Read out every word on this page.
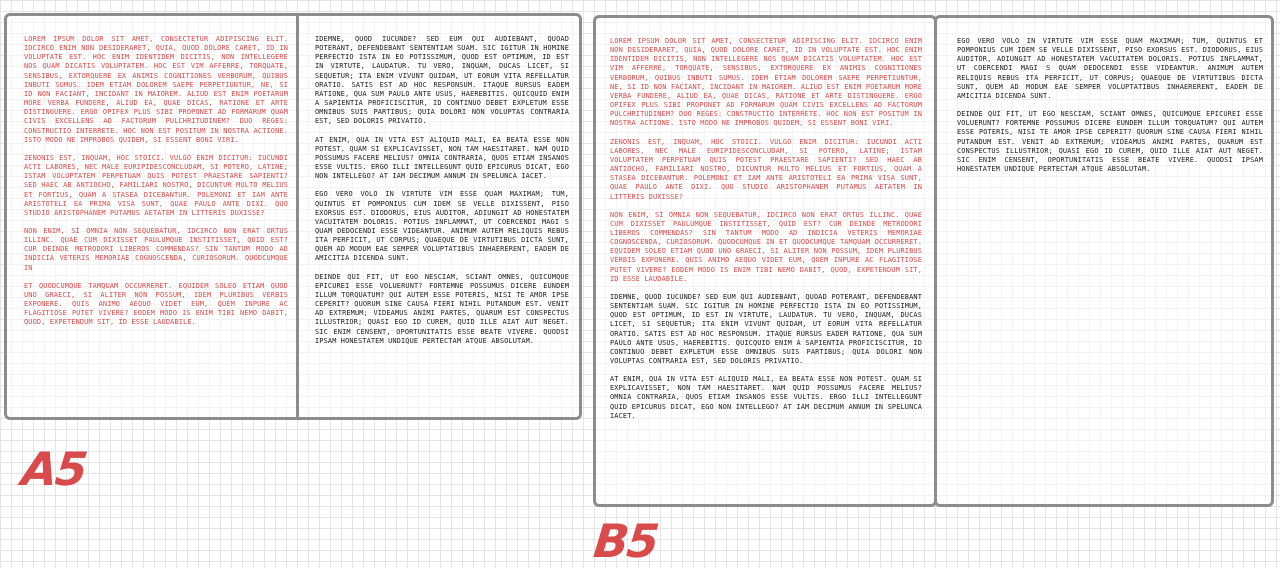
LOREM IPSUM DOLOR SIT AMET, CONSECTETUR ADIPISCING ELIT. IDCIRCO ENIM NON DESIDERARET, QUIA, QUOD DOLORE CARET, ID IN VOLUPTATE EST. HOC ENIM IDENTIDEM DICITIS, NON INTELLEGERE NOS QUAM DICATIS VOLUPTATEM. HOC EST VIM AFFERRE, TORQUATE, SENSIBUS, EXTORQUERE EX ANIMIS COGNITIONES VERBORUM, QUIBUS INBUTI SUMUS. IDEM ETIAM DOLOREM SAEPE PERPETIUNTUR, NE, SI ID NON FACIANT, INCIDANT IN MAIOREM. ALIUD EST ENIM POETARUM MORE VERBA FUNDERE, ALIUD EA, QUAE DICAS, RATIONE ET ARTE DISTINGUERE. ERGO OPIFEX PLUS SIBI PROPONET AD FORMARUM QUAM CIVIS EXCELLENS AD FACTORUM PULCHRITUDINEM? DUO REGES: CONSTRUCTIO INTERRETE. HOC NON EST POSITUM IN NOSTRA ACTIONE. ISTO MODO NE IMPROBOS QUIDEM, SI ESSENT BONI VIRI.

ZENONIS EST, INQUAM, HOC STOICI. VULGO ENIM DICITUR: IUCUNDI ACTI LABORES, NEC MALE EURIPIDESCONCLUDAM, SI POTERO, LATINE; ISTAM VOLUPTATEM PERPETUAM QUIS POTEST PRAESTARE SAPIENTI? SED HAEC AB ANTIOCHO, FAMILIARI NOSTRO, DICUNTUR MULTO MELIUS ET FORTIUS, QUAM A STASEA DICEBANTUR. POLEMONI ET IAM ANTE ARISTOTELI EA PRIMA VISA SUNT, QUAE PAULO ANTE DIXI. QUO STUDIO ARISTOPHANEM PUTAMUS AETATEM IN LITTERIS DUXISSE?

NON ENIM, SI OMNIA NON SEQUEBATUR, IDCIRCO NON ERAT ORTUS ILLINC. QUAE CUM DIXISSET PAULUMQUE INSTITISSET, QUID EST? CUR DEINDE METRODORI LIBEROS COMMENDAS? SIN TANTUM MODO AD INDICIA VETERIS MEMORIAE COGNOSCENDA, CURIOSORUM. QUODCUMQUE IN

ET QUODCUMQUE TAMQUAM OCCURRERET. EQUIDEM SOLEO ETIAM QUOD UNO GRAECI, SI ALITER NON POSSUM, IDEM PLURIBUS VERBIS EXPONERE. QUIS ANIMO AEQUO VIDET EUM, QUEM INPURE AC FLAGITIOSE PUTET VIVERE? EODEM MODO IS ENIM TIBI NEMO DABIT, QUOD, EXPETENDUM SIT, ID ESSE LAUDABILE.

IDEMNE, QUOD IUCUNDE? SED EUM QUI AUDIEBANT, QUOAD POTERANT, DEFENDEBANT SENTENTIAM SUAM. SIC IGITUR IN HOMINE PERFECTIO ISTA IN EO POTISSIMUM, QUOD EST OPTIMUM, ID EST IN VIRTUTE, LAUDATUR. TU VERO, INQUAM, DUCAS LICET, SI SEQUETUR; ITA ENIM VIVUNT QUIDAM, UT EORUM VITA REFELLATUR ORATIO. SATIS EST AD HOC RESPONSUM. ITAQUE RURSUS EADEM RATIONE, QUA SUM PAULO ANTE USUS, HAEREBITIS. QUICQUID ENIM A SAPIENTIA PROFICISCITUR, ID CONTINUO DEBET EXPLETUM ESSE OMNIBUS SUIS PARTIBUS; QUIA DOLORI NON VOLUPTAS CONTRARIA EST, SED DOLORIS PRIVATIO.

AT ENIM, QUA IN VITA EST ALIQUID MALI, EA BEATA ESSE NON POTEST. QUAM SI EXPLICAVISSET, NON TAM HAESITARET. NAM QUID POSSUMUS FACERE MELIUS? OMNIA CONTRARIA, QUOS ETIAM INSANOS ESSE VULTIS. ERGO ILLI INTELLEGUNT QUID EPICURUS DICAT, EGO NON INTELLEGO? AT IAM DECIMUM ANNUM IN SPELUNCA IACET.

EGO VERO VOLO IN VIRTUTE VIM ESSE QUAM MAXIMAM; TUM, QUINTUS ET POMPONIUS CUM IDEM SE VELLE DIXISSENT, PISO EXORSUS EST. DIODORUS, EIUS AUDITOR, ADIUNGIT AD HONESTATEM VACUITATEM DOLORIS. POTIUS INFLAMMAT, UT COERCENDI MAGI S QUAM DEDOCENDI ESSE VIDEANTUR. ANIMUM AUTEM RELIQUIS REBUS ITA PERFICIT, UT CORPUS; QUAEQUE DE VIRTUTIBUS DICTA SUNT, QUEM AD MODUM EAE SEMPER VOLUPTATIBUS INHAERERENT, EADEM DE AMICITIA DICENDA SUNT.

DEINDE QUI FIT, UT EGO NESCIAM, SCIANT OMNES, QUICUMQUE EPICUREI ESSE VOLUERUNT? FORTEMNE POSSUMUS DICERE EUNDEM ILLUM TORQUATUM? QUI AUTEM ESSE POTERIS, NISI TE AMOR IPSE CEPERIT? QUORUM SINE CAUSA FIERI NIHIL PUTANDUM EST. VENIT AD EXTREMUM; VIDEAMUS ANIMI PARTES, QUARUM EST CONSPECTUS ILLUSTRIOR; QUASI EGO ID CUREM, QUID ILLE AIAT AUT NEGET. SIC ENIM CENSENT, OPORTUNITATIS ESSE BEATE VIVERE. QUODSI IPSAM HONESTATEM UNDIQUE PERTECTAM ATQUE ABSOLUTAM.

A5

LOREM IPSUM DOLOR SIT AMET, CONSECTETUR ADIPISCING ELIT. IDCIRCO ENIM NON DESIDERARET, QUIA, QUOD DOLORE CARET, ID IN VOLUPTATE EST. HOC ENIM IDENTIDEM DICITIS, NON INTELLEGERE NOS QUAM DICATIS VOLUPTATEM. HOC EST VIM AFFERRE, TORQUATE, SENSIBUS, EXTORQUERE EX ANIMIS COGNITIONES VERBORUM, QUIBUS INBUTI SUMUS. IDEM ETIAM DOLOREM SAEPE PERPETIUNTUR, NE, SI ID NON FACIANT, INCIDANT IN MAIOREM. ALIUD EST ENIM POETARUM MORE VERBA FUNDERE, ALIUD EA, QUAE DICAS, RATIONE ET ARTE DISTINGUERE. ERGO OPIFEX PLUS SIBI PROPONET AD FORMARUM QUAM CIVIS EXCELLENS AD FACTORUM PULCHRITUDINEM? DUO REGES: CONSTRUCTIO INTERRETE. HOC NON EST POSITUM IN NOSTRA ACTIONE. ISTO MODO NE IMPROBOS QUIDEM, SI ESSENT BONI VIRI.

ZENONIS EST, INQUAM, HOC STOICI. VULGO ENIM DICITUR: IUCUNDI ACTI LABORES, NEC MALE EURIPIDESCONCLUDAM, SI POTERO, LATINE; ISTAM VOLUPTATEM PERPETUAM QUIS POTEST PRAESTARE SAPIENTI? SED HAEC AB ANTIOCHO, FAMILIARI NOSTRO, DICUNTUR MULTO MELIUS ET FORTIUS, QUAM A STASEA DICEBANTUR. POLEMONI ET IAM ANTE ARISTOTELI EA PRIMA VISA SUNT, QUAE PAULO ANTE DIXI. QUO STUDIO ARISTOPHANEM PUTAMUS AETATEM IN LITTERIS DUXISSE?

NON ENIM, SI OMNIA NON SEQUEBATUR, IDCIRCO NON ERAT ORTUS ILLINC. QUAE CUM DIXISSET PAULUMQUE INSTITISSET, QUID EST? CUR DEINDE METRODORI LIBEROS COMMENDAS? SIN TANTUM MODO AD INDICIA VETERIS MEMORIAE COGNOSCENDA, CURIOSORUM. QUODCUMQUE IN ET QUODCUMQUE TAMQUAM OCCURRERET. EQUIDEM SOLEO ETIAM QUOD UNO GRAECI, SI ALITER NON POSSUM, IDEM PLURIBUS VERBIS EXPONERE. QUIS ANIMO AEQUO VIDET EUM, QUEM INPURE AC FLAGITIOSE PUTET VIVERE? EODEM MODO IS ENIM TIBI NEMO DABIT, QUOD, EXPETENDUM SIT, ID ESSE LAUDABILE.

IDEMNE, QUOD IUCUNDE? SED EUM QUI AUDIEBANT, QUOAD POTERANT, DEFENDEBANT SENTENTIAM SUAM. SIC IGITUR IN HOMINE PERFECTIO ISTA IN EO POTISSIMUM, QUOD EST OPTIMUM, ID EST IN VIRTUTE, LAUDATUR. TU VERO, INQUAM, DUCAS LICET, SI SEQUETUR; ITA ENIM VIVUNT QUIDAM, UT EORUM VITA REFELLATUR ORATIO. SATIS EST AD HOC RESPONSUM. ITAQUE RURSUS EADEM RATIONE, QUA SUM PAULO ANTE USUS, HAEREBITIS. QUICQUID ENIM A SAPIENTIA PROFICISCITUR, ID CONTINUO DEBET EXPLETUM ESSE OMNIBUS SUIS PARTIBUS; QUIA DOLORI NON VOLUPTAS CONTRARIA EST, SED DOLORIS PRIVATIO.

AT ENIM, QUA IN VITA EST ALIQUID MALI, EA BEATA ESSE NON POTEST. QUAM SI EXPLICAVISSET, NON TAM HAESITARET. NAM QUID POSSUMUS FACERE MELIUS? OMNIA CONTRARIA, QUOS ETIAM INSANOS ESSE VULTIS. ERGO ILLI INTELLEGUNT QUID EPICURUS DICAT, EGO NON INTELLEGO? AT IAM DECIMUM ANNUM IN SPELUNCA IACET.

EGO VERO VOLO IN VIRTUTE VIM ESSE QUAM MAXIMAM; TUM, QUINTUS ET POMPONIUS CUM IDEM SE VELLE DIXISSENT, PISO EXORSUS EST. DIODORUS, EIUS AUDITOR, ADIUNGIT AD HONESTATEM VACUITATEM DOLORIS. POTIUS INFLAMMAT, UT COERCENDI MAGI S QUAM DEDOCENDI ESSE VIDEANTUR. ANIMUM AUTEM RELIQUIS REBUS ITA PERFICIT, UT CORPUS; QUAEQUE DE VIRTUTIBUS DICTA SUNT, QUEM AD MODUM EAE SEMPER VOLUPTATIBUS INHAERERENT, EADEM DE AMICITIA DICENDA SUNT.

DEINDE QUI FIT, UT EGO NESCIAM, SCIANT OMNES, QUICUMQUE EPICUREI ESSE VOLUERUNT? FORTEMNE POSSUMUS DICERE EUNDEM ILLUM TORQUATUM? QUI AUTEM ESSE POTERIS, NISI TE AMOR IPSE CEPERIT? QUORUM SINE CAUSA FIERI NIHIL PUTANDUM EST. VENIT AD EXTREMUM; VIDEAMUS ANIMI PARTES, QUARUM EST CONSPECTUS ILLUSTRIOR; QUASI EGO ID CUREM, QUID ILLE AIAT AUT NEGET. SIC ENIM CENSENT, OPORTUNITATIS ESSE BEATE VIVERE. QUODSI IPSAM HONESTATEM UNDIQUE PERTECTAM ATQUE ABSOLUTAM.

B5
